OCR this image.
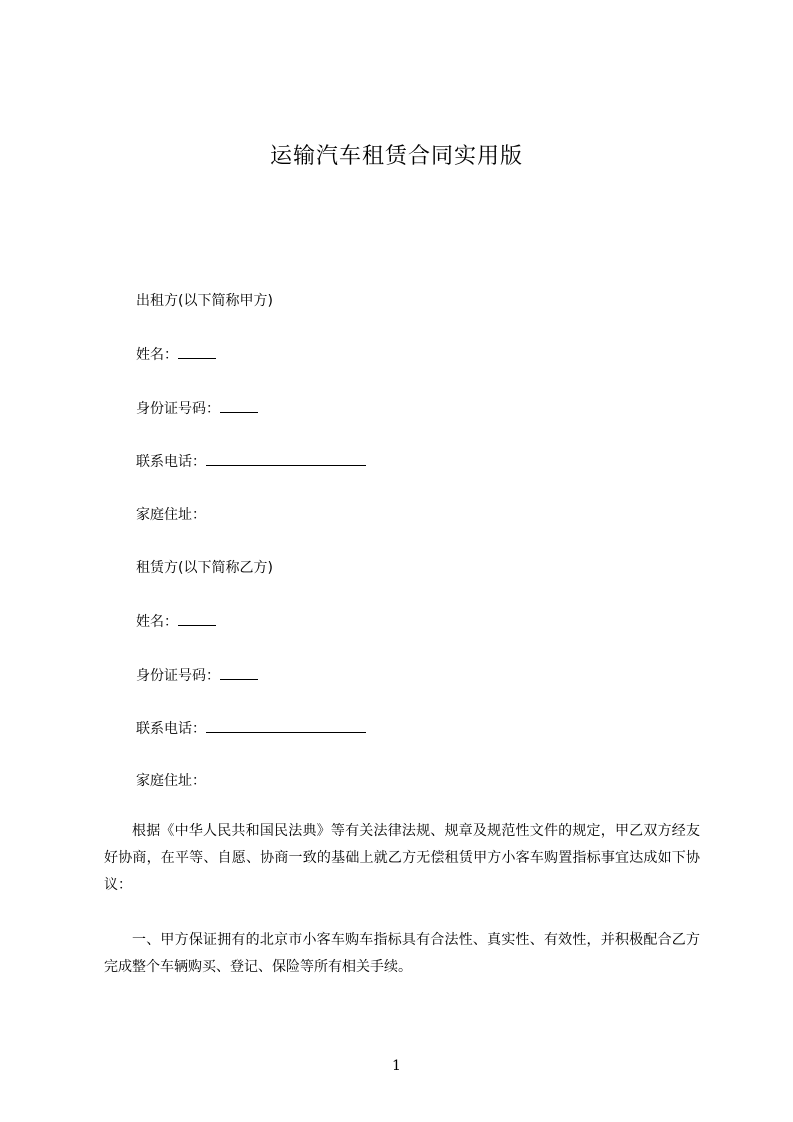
运输汽车租赁合同实用版
出租方(以下简称甲方)
姓名：
身份证号码：
联系电话：
家庭住址：
租赁方(以下简称乙方)
姓名：
身份证号码：
联系电话：
家庭住址：

根据《中华人民共和国民法典》等有关法律法规、规章及规范性文件的规定，甲乙双方经友好协商，在平等、自愿、协商一致的基础上就乙方无偿租赁甲方小客车购置指标事宜达成如下协议：

一、甲方保证拥有的北京市小客车购车指标具有合法性、真实性、有效性，并积极配合乙方完成整个车辆购买、登记、保险等所有相关手续。

1
